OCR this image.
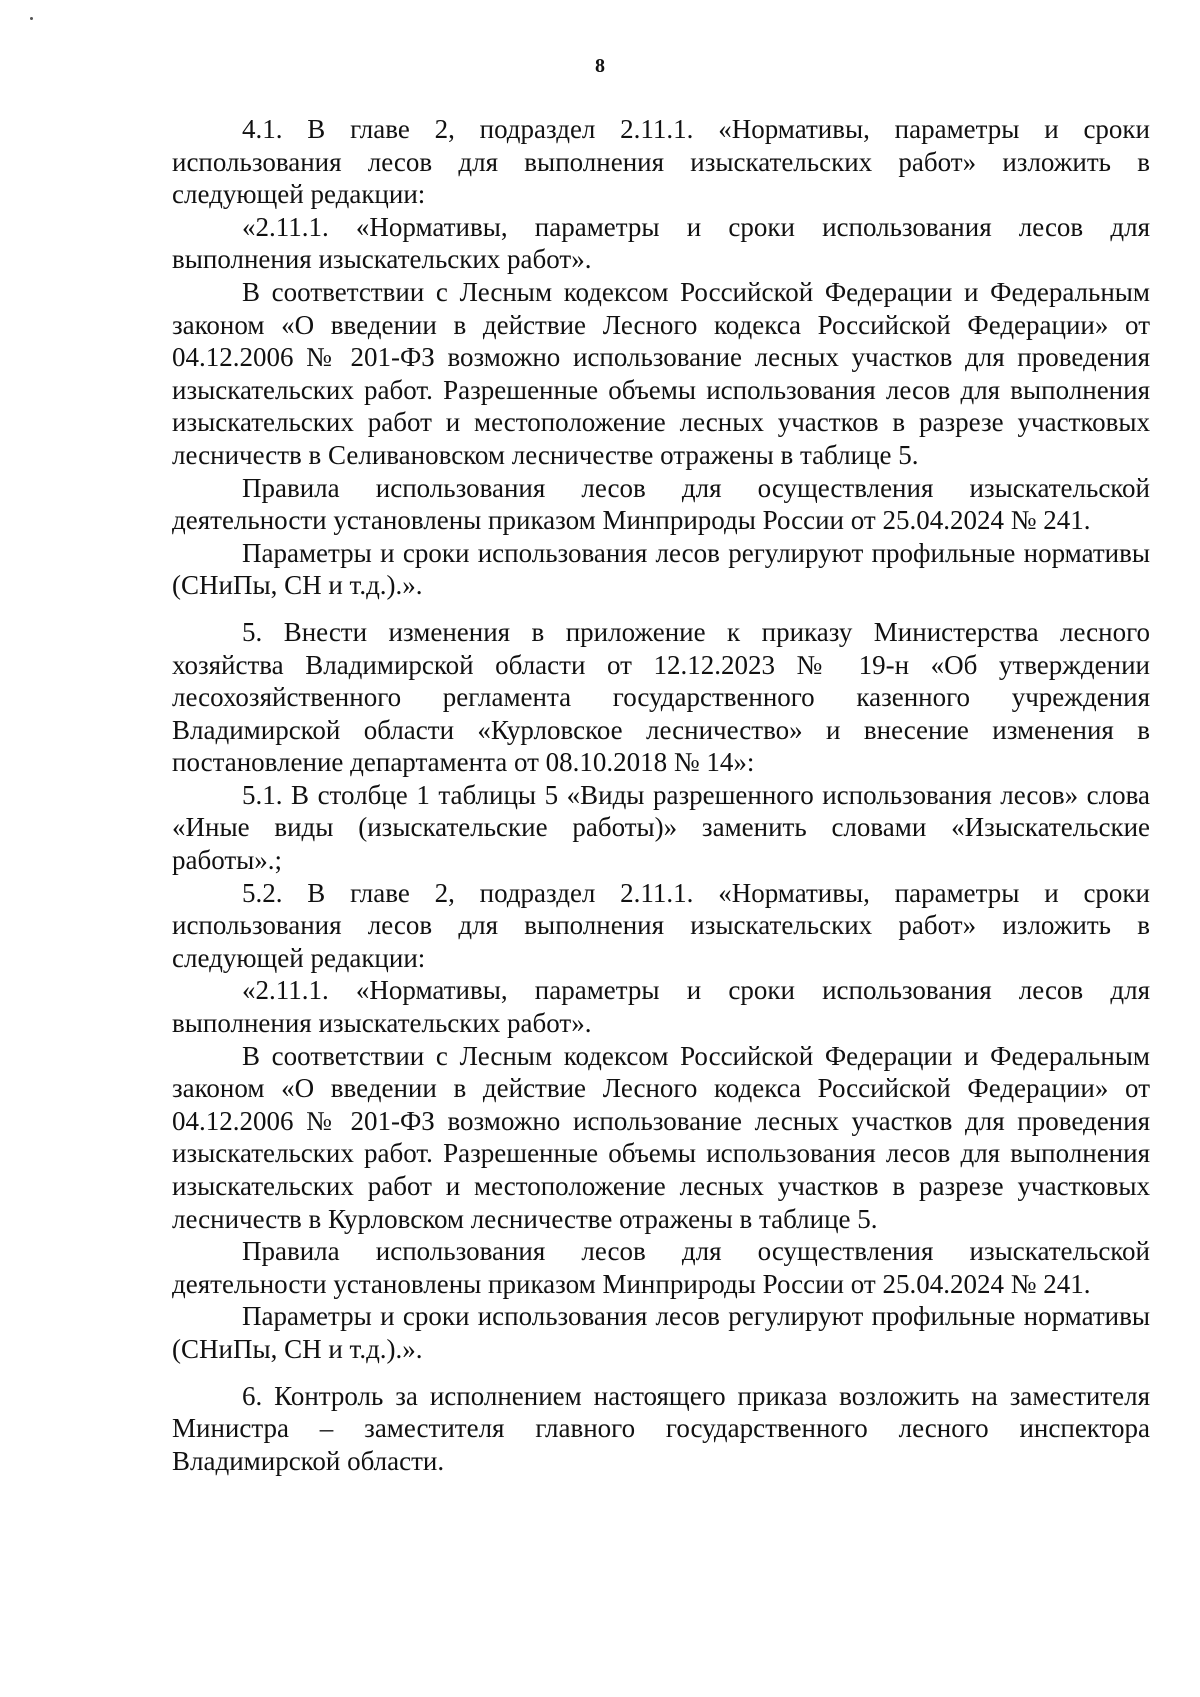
8

4.1. В главе 2, подраздел 2.11.1. «Нормативы, параметры и сроки использования лесов для выполнения изыскательских работ» изложить в следующей редакции:

«2.11.1. «Нормативы, параметры и сроки использования лесов для выполнения изыскательских работ».

В соответствии с Лесным кодексом Российской Федерации и Федеральным законом «О введении в действие Лесного кодекса Российской Федерации» от 04.12.2006 № 201-ФЗ возможно использование лесных участков для проведения изыскательских работ. Разрешенные объемы использования лесов для выполнения изыскательских работ и местоположение лесных участков в разрезе участковых лесничеств в Селивановском лесничестве отражены в таблице 5.

Правила использования лесов для осуществления изыскательской деятельности установлены приказом Минприроды России от 25.04.2024 № 241.

Параметры и сроки использования лесов регулируют профильные нормативы (СНиПы, СН и т.д.).».

5. Внести изменения в приложение к приказу Министерства лесного хозяйства Владимирской области от 12.12.2023 № 19-н «Об утверждении лесохозяйственного регламента государственного казенного учреждения Владимирской области «Курловское лесничество» и внесение изменения в постановление департамента от 08.10.2018 № 14»:

5.1. В столбце 1 таблицы 5 «Виды разрешенного использования лесов» слова «Иные виды (изыскательские работы)» заменить словами «Изыскательские работы».;

5.2. В главе 2, подраздел 2.11.1. «Нормативы, параметры и сроки использования лесов для выполнения изыскательских работ» изложить в следующей редакции:

«2.11.1. «Нормативы, параметры и сроки использования лесов для выполнения изыскательских работ».

В соответствии с Лесным кодексом Российской Федерации и Федеральным законом «О введении в действие Лесного кодекса Российской Федерации» от 04.12.2006 № 201-ФЗ возможно использование лесных участков для проведения изыскательских работ. Разрешенные объемы использования лесов для выполнения изыскательских работ и местоположение лесных участков в разрезе участковых лесничеств в Курловском лесничестве отражены в таблице 5.

Правила использования лесов для осуществления изыскательской деятельности установлены приказом Минприроды России от 25.04.2024 № 241.

Параметры и сроки использования лесов регулируют профильные нормативы (СНиПы, СН и т.д.).».

6. Контроль за исполнением настоящего приказа возложить на заместителя Министра – заместителя главного государственного лесного инспектора Владимирской области.
